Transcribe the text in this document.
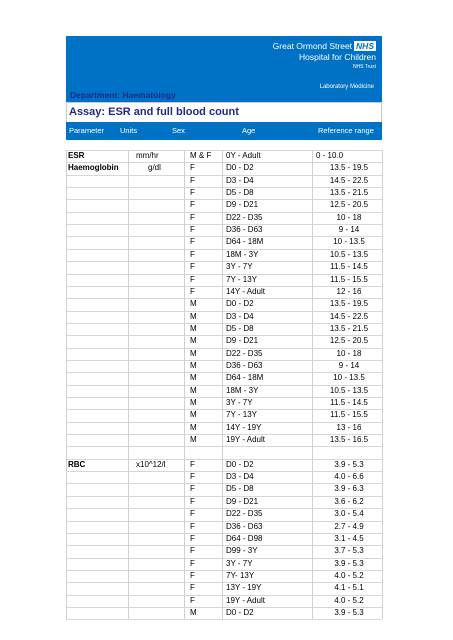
Great Ormond Street NHS
Hospital for Children
NHS Trust
Laboratory Medicine
Department: Haematology
Assay: ESR and full blood count
Parameter Units	Sex	Age	Reference range
ESR	mm/hr	M & F 0Y - Adult	0 - 10.0
Haemoglobin	g/dl	F	D0 - D2	13.5 - 19.5
F	D3 - D4	14.5 - 22.5
F	D5 - D8	13.5 - 21.5
F	D9 - D21	12.5 - 20.5
F	D22 - D35	10 - 18
F	D36 - D63	9 - 14
F	D64 - 18M	10 - 13.5
F	18M - 3Y	10.5 - 13.5
F	3Y - 7Y	11.5 - 14.5
F	7Y - 13Y	11.5 - 15.5
F	14Y - Adult	12 - 16
M	D0 - D2	13.5 - 19.5
M	D3 - D4	14.5 - 22.5
M	D5 - D8	13.5 - 21.5
M	D9 - D21	12.5 - 20.5
M	D22 - D35	10 - 18
M	D36 - D63	9 - 14
M	D64 - 18M	10 - 13.5
M	18M - 3Y	10.5 - 13.5
M	3Y - 7Y	11.5 - 14.5
M	7Y - 13Y	11.5 - 15.5
M	14Y - 19Y	13 - 16
M	19Y - Adult	13.5 - 16.5
RBC	x10^12/l	F	D0 - D2	3.9 - 5.3
F	D3 - D4	4.0 - 6.6
F	D5 - D8	3.9 - 6.3
F	D9 - D21	3.6 - 6.2
F	D22 - D35	3.0 - 5.4
F	D36 - D63	2.7 - 4.9
F	D64 - D98	3.1 - 4.5
F	D99 - 3Y	3.7 - 5.3
F	3Y - 7Y	3.9 - 5.3
F	7Y- 13Y	4.0 - 5.2
F	13Y - 19Y	4.1 - 5.1
F	19Y - Adult	4.0 - 5.2
M	D0 - D2	3.9 - 5.3
